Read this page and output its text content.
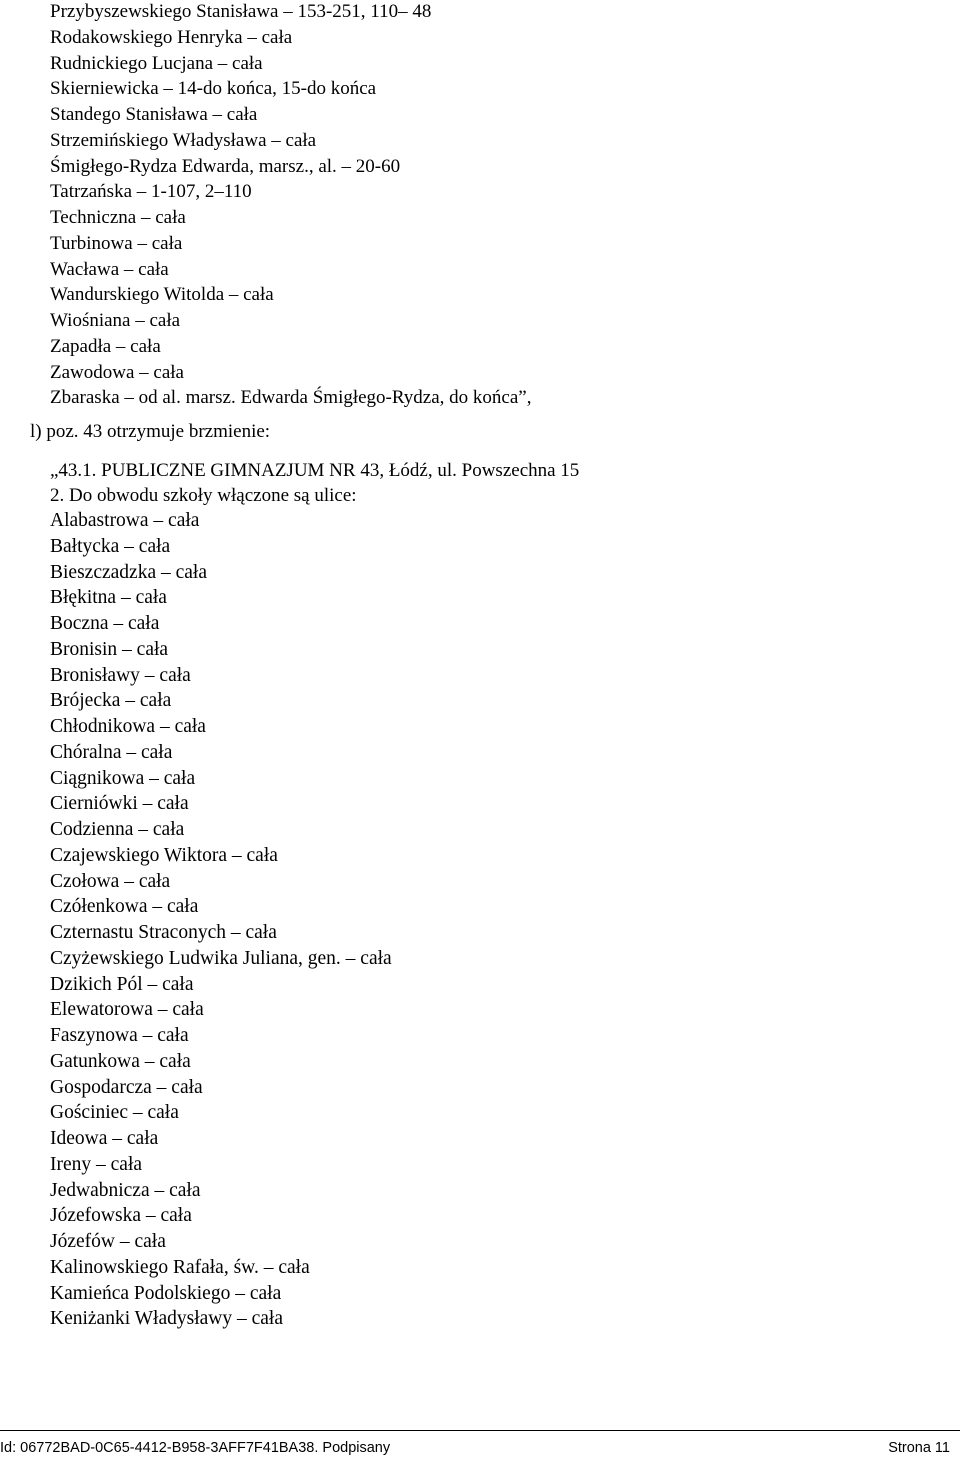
Przybyszewskiego Stanisława – 153-251, 110– 48
Rodakowskiego Henryka – cała
Rudnickiego Lucjana – cała
Skierniewicka – 14-do końca, 15-do końca
Standego Stanisława – cała
Strzemińskiego Władysława – cała
Śmigłego-Rydza Edwarda, marsz., al. – 20-60
Tatrzańska – 1-107, 2–110
Techniczna – cała
Turbinowa – cała
Wacława – cała
Wandurskiego Witolda – cała
Wiośniana – cała
Zapadła – cała
Zawodowa – cała
Zbaraska – od al. marsz. Edwarda Śmigłego-Rydza, do końca”,
l) poz. 43 otrzymuje brzmienie:
„43.1. PUBLICZNE GIMNAZJUM NR 43, Łódź, ul. Powszechna 15
2. Do obwodu szkoły włączone są ulice:
Alabastrowa – cała
Bałtycka – cała
Bieszczadzka – cała
Błękitna – cała
Boczna – cała
Bronisin – cała
Bronisławy – cała
Brójecka – cała
Chłodnikowa – cała
Chóralna – cała
Ciągnikowa – cała
Cierniówki – cała
Codzienna – cała
Czajewskiego Wiktora – cała
Czołowa – cała
Czółenkowa – cała
Czternastu Straconych – cała
Czyżewskiego Ludwika Juliana, gen. – cała
Dzikich Pól – cała
Elewatorowa – cała
Faszynowa – cała
Gatunkowa – cała
Gospodarcza – cała
Gościniec – cała
Ideowa – cała
Ireny – cała
Jedwabnicza – cała
Józefowska – cała
Józefów – cała
Kalinowskiego Rafała, św. – cała
Kamieńca Podolskiego – cała
Keniżanki Władysławy – cała
Id: 06772BAD-0C65-4412-B958-3AFF7F41BA38. Podpisany	Strona 11
